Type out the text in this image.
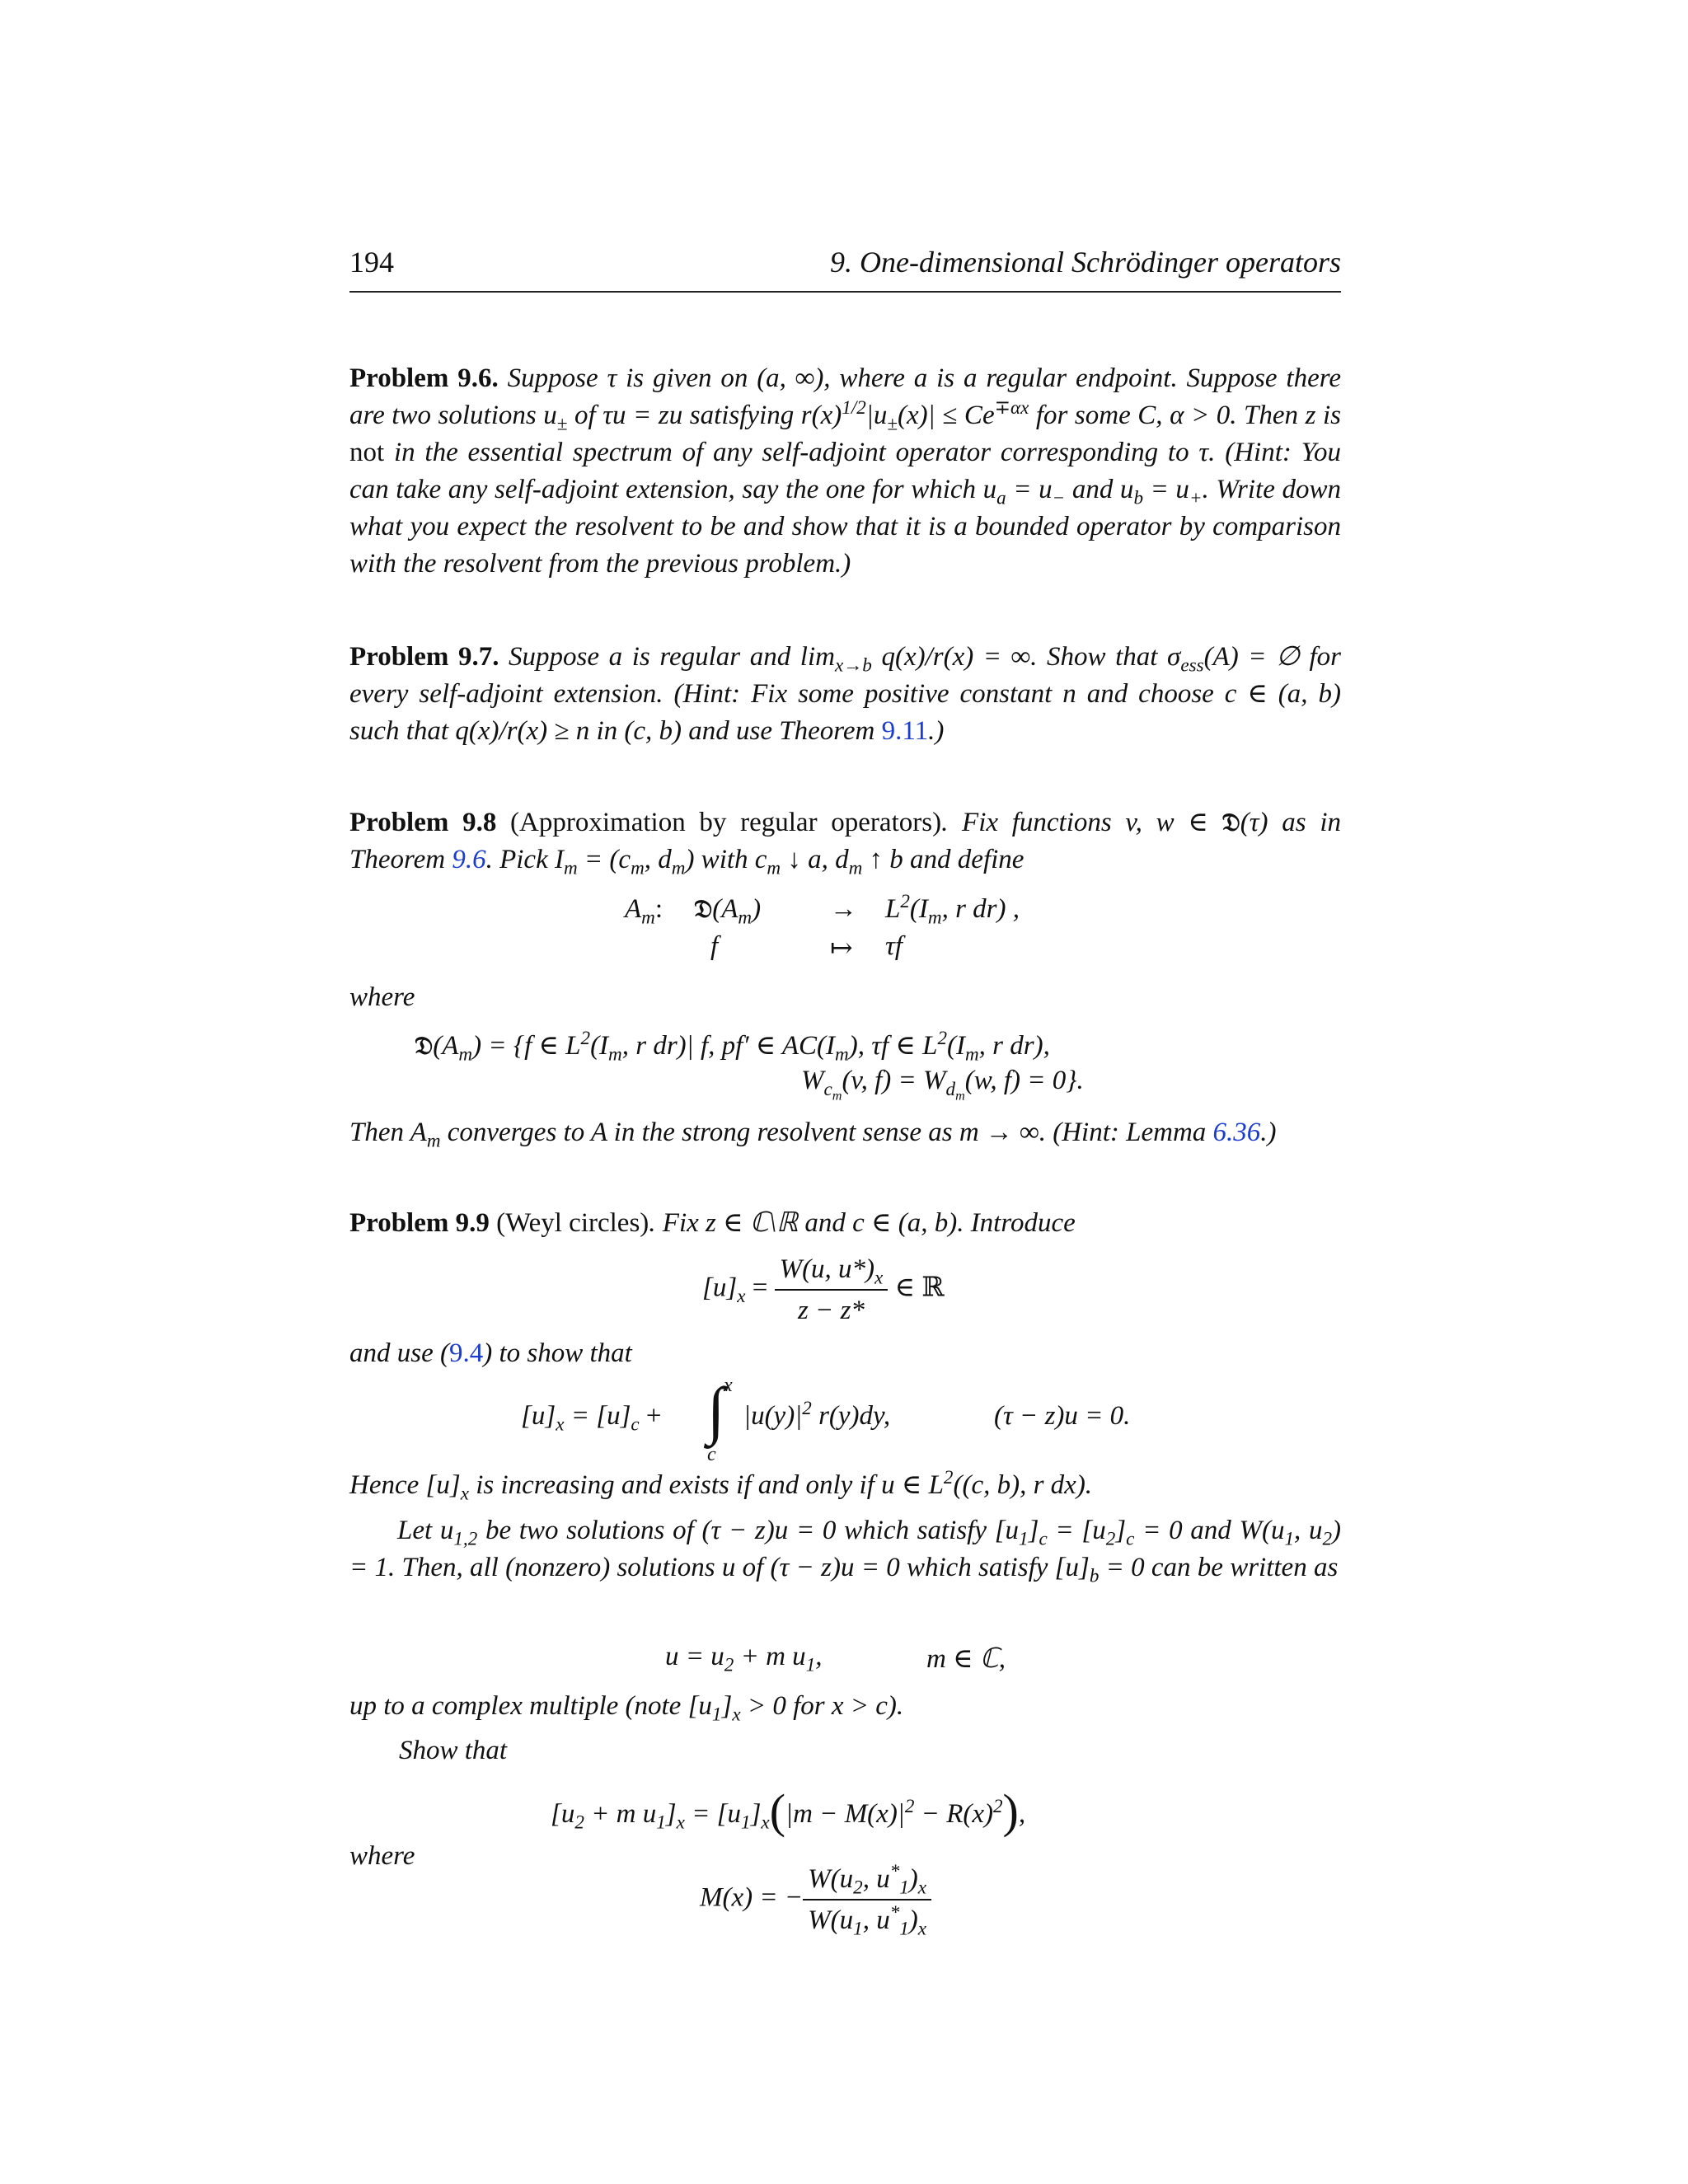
194	9. One-dimensional Schrödinger operators
Problem 9.6. Suppose τ is given on (a, ∞), where a is a regular endpoint. Suppose there are two solutions $u_\pm$ of τu = zu satisfying $r(x)^{1/2}|u_\pm(x)| \le Ce^{\mp\alpha x}$ for some C, α > 0. Then z is not in the essential spectrum of any self-adjoint operator corresponding to τ. (Hint: You can take any self-adjoint extension, say the one for which $u_a = u_-$ and $u_b = u_+$. Write down what you expect the resolvent to be and show that it is a bounded operator by comparison with the resolvent from the previous problem.)
Problem 9.7. Suppose a is regular and $\lim_{x\to b} q(x)/r(x)$ = ∞. Show that $\sigma_{ess}(A)$ = ∅ for every self-adjoint extension. (Hint: Fix some positive constant n and choose c ∈ (a, b) such that q(x)/r(x) ≥ n in (c, b) and use Theorem 9.11.)
Problem 9.8 (Approximation by regular operators). Fix functions v, w ∈ 𝔇(τ) as in Theorem 9.6. Pick $I_m = (c_m$, $d_m$) with $c_m$ ↓ a, $d_m$ ↑ b and define
$A_m$: $𝔇(A_m)$	→ $L^2(I_m$, r dr) ,
f	↦ τf
where
$𝔇(A_m) = \{f$ ∈ $L^2(I_m$, r dr)| f, pf′ ∈ $AC(I_m)$, τf ∈ $L^2(I_m$, r dr),
$W_{c_m}(v$, $f) = W_{d_m}(w$, f) = 0}.
Then $A_m$ converges to A in the strong resolvent sense as m → ∞. (Hint: Lemma 6.36.)
Problem 9.9 (Weyl circles). Fix z ∈ ℂ\ℝ and c ∈ (a, b). Introduce
$[u]_x = \frac{W(u, u*)_x}{z - z*}$ ∈ ℝ
and use (9.4) to show that
$[u]_x = [u]_c$ + ∫
x
c
$|u(y)|^2$ r(y)dy,	(τ − z)u = 0.
Hence $[u]_x$ is increasing and exists if and only if u ∈ $L^2((c$, b), r dx).
Let $u_{1,2}$ be two solutions of (τ − z)u = 0 which satisfy $[u_1]_c = [u_2]_c = 0$ and $W(u_1$, $u_2) = 1$. Then, all (nonzero) solutions u of (τ − z)u = 0 which satisfy $[u]_b = 0$ can be written as
$u = u_2 + m$ $u_1$,	m ∈ ℂ,
up to a complex multiple (note $[u_1]_x > 0$ for x > c).
Show that
[$u_2 + m$ $u_1]_x = [u_1]_x(|m - M(x)|^2 - R(x)^2)$,
where
M(x) = − $\frac{W(u_2, u^*_1)_x}{W(u_1, u^*_1)_x}$
